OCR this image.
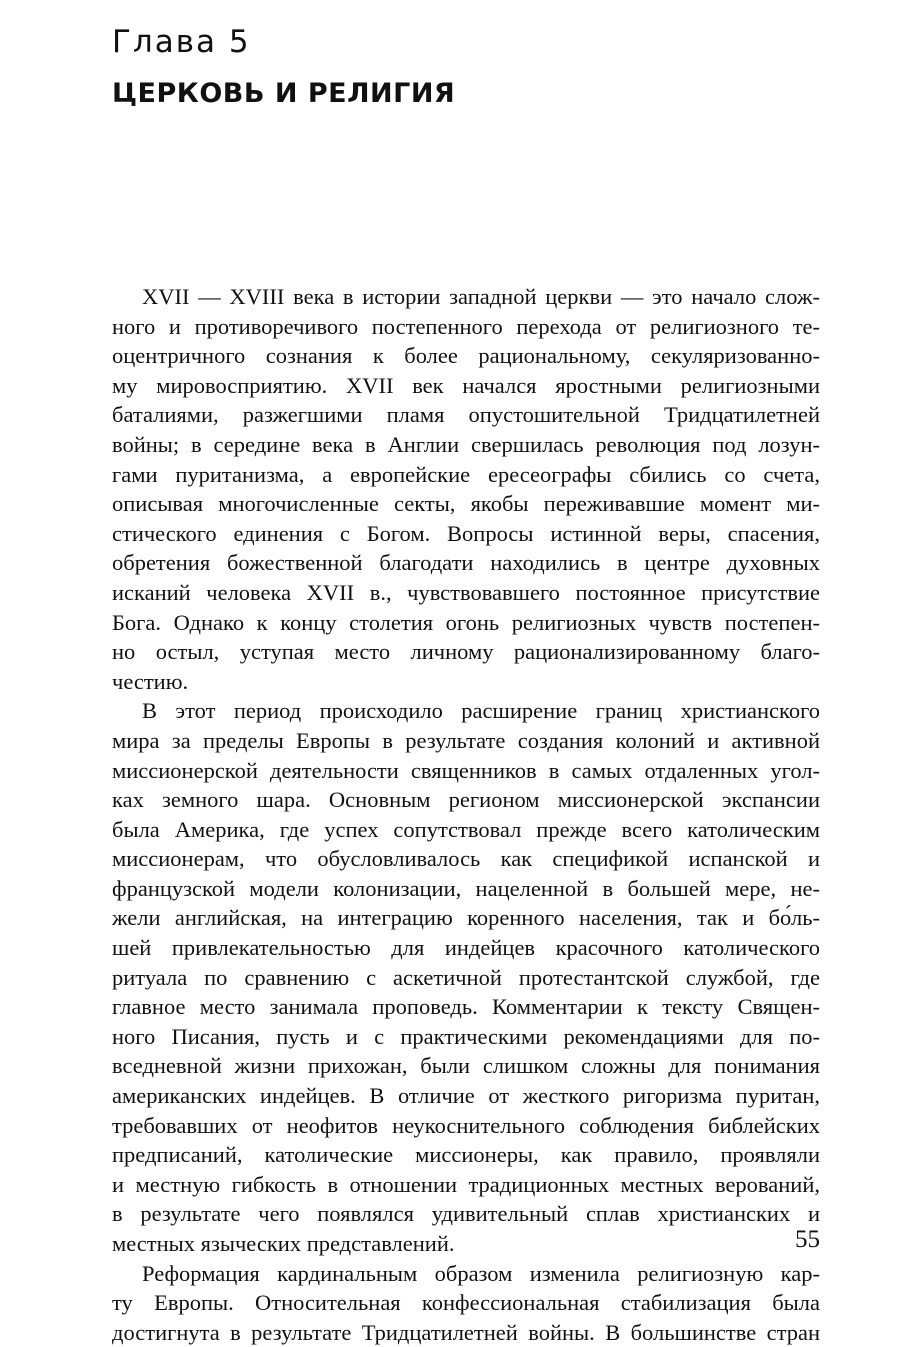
Глава 5
ЦЕРКОВЬ И РЕЛИГИЯ
XVII — XVIII века в истории западной церкви — это начало слож-
ного и противоречивого постепенного перехода от религиозного те-
оцентричного сознания к более рациональному, секуляризованно-
му мировосприятию. XVII век начался яростными религиозными
баталиями, разжегшими пламя опустошительной Тридцатилетней
войны; в середине века в Англии свершилась революция под лозун-
гами пуританизма, а европейские ересеографы сбились со счета,
описывая многочисленные секты, якобы переживавшие момент ми-
стического единения с Богом. Вопросы истинной веры, спасения,
обретения божественной благодати находились в центре духовных
исканий человека XVII в., чувствовавшего постоянное присутствие
Бога. Однако к концу столетия огонь религиозных чувств постепен-
но остыл, уступая место личному рационализированному благо-
честию.
В этот период происходило расширение границ христианского
мира за пределы Европы в результате создания колоний и активной
миссионерской деятельности священников в самых отдаленных угол-
ках земного шара. Основным регионом миссионерской экспансии
была Америка, где успех сопутствовал прежде всего католическим
миссионерам, что обусловливалось как спецификой испанской и
французской модели колонизации, нацеленной в большей мере, не-
жели английская, на интеграцию коренного населения, так и бо́ль-
шей привлекательностью для индейцев красочного католического
ритуала по сравнению с аскетичной протестантской службой, где
главное место занимала проповедь. Комментарии к тексту Священ-
ного Писания, пусть и с практическими рекомендациями для по-
вседневной жизни прихожан, были слишком сложны для понимания
американских индейцев. В отличие от жесткого ригоризма пуритан,
требовавших от неофитов неукоснительного соблюдения библейских
предписаний, католические миссионеры, как правило, проявляли
и местную гибкость в отношении традиционных местных верований,
в результате чего появлялся удивительный сплав христианских и
местных языческих представлений.
Реформация кардинальным образом изменила религиозную кар-
ту Европы. Относительная конфессиональная стабилизация была
достигнута в результате Тридцатилетней войны. В большинстве стран
55
